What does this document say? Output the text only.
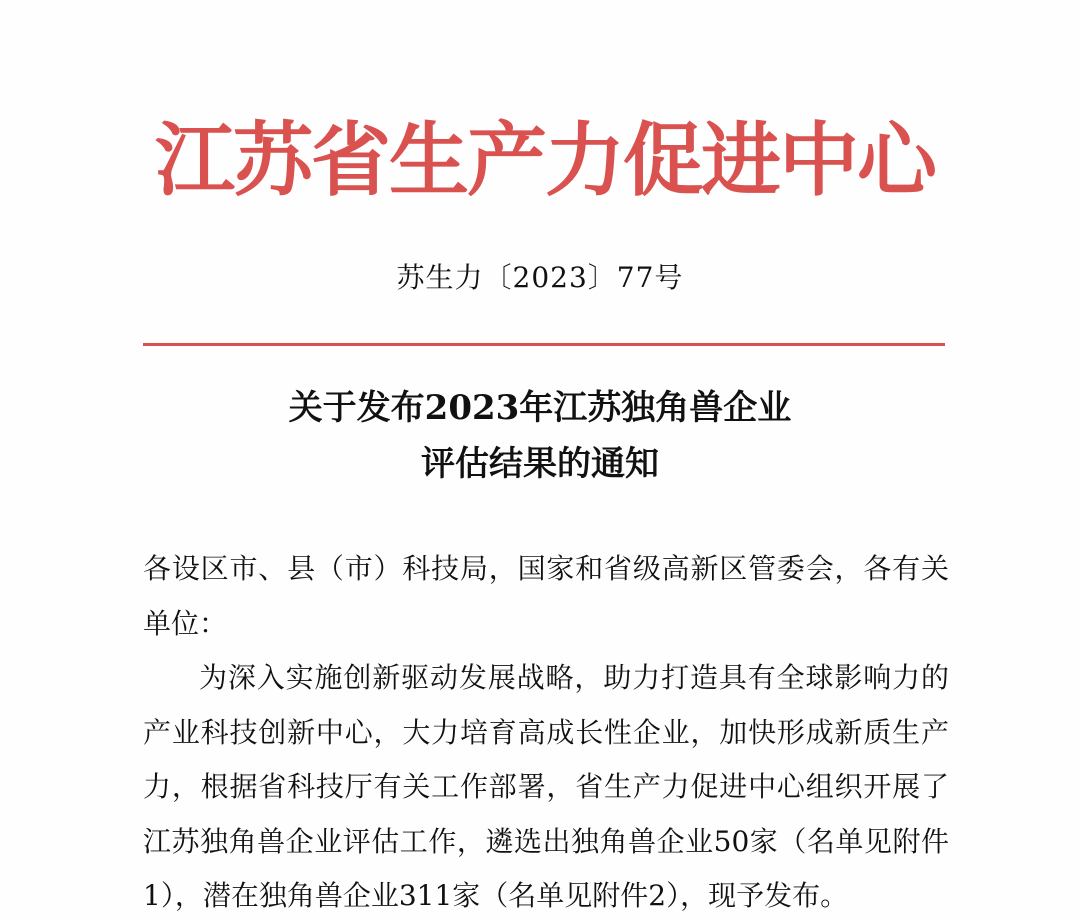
江苏省生产力促进中心
苏生力〔2023〕77号
关于发布2023年江苏独角兽企业
评估结果的通知

各设区市、县（市）科技局，国家和省级高新区管委会，各有关单位：

为深入实施创新驱动发展战略，助力打造具有全球影响力的产业科技创新中心，大力培育高成长性企业，加快形成新质生产力，根据省科技厅有关工作部署，省生产力促进中心组织开展了江苏独角兽企业评估工作，遴选出独角兽企业50家（名单见附件1），潜在独角兽企业311家（名单见附件2），现予发布。
